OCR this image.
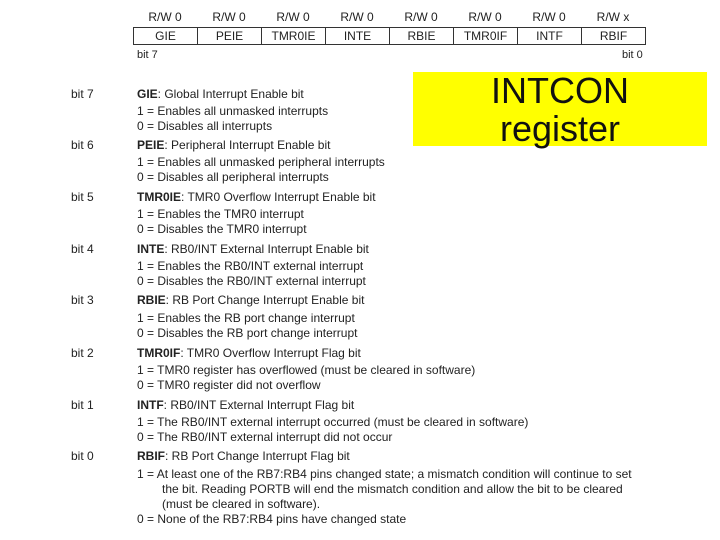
R/W 0	R/W 0	R/W 0	R/W 0	R/W 0	R/W 0	R/W 0	R/W x
GIE	PEIE	TMR0IE	INTE	RBIE	TMR0IF	INTF	RBIF
bit 7	bit 0
INTCON
register
bit 7	GIE: Global Interrupt Enable bit
1 = Enables all unmasked interrupts
0 = Disables all interrupts
bit 6	PEIE: Peripheral Interrupt Enable bit
1 = Enables all unmasked peripheral interrupts
0 = Disables all peripheral interrupts
bit 5	TMR0IE: TMR0 Overflow Interrupt Enable bit
1 = Enables the TMR0 interrupt
0 = Disables the TMR0 interrupt
bit 4	INTE: RB0/INT External Interrupt Enable bit
1 = Enables the RB0/INT external interrupt
0 = Disables the RB0/INT external interrupt
bit 3	RBIE: RB Port Change Interrupt Enable bit
1 = Enables the RB port change interrupt
0 = Disables the RB port change interrupt
bit 2	TMR0IF: TMR0 Overflow Interrupt Flag bit
1 = TMR0 register has overflowed (must be cleared in software)
0 = TMR0 register did not overflow
bit 1	INTF: RB0/INT External Interrupt Flag bit
1 = The RB0/INT external interrupt occurred (must be cleared in software)
0 = The RB0/INT external interrupt did not occur
bit 0	RBIF: RB Port Change Interrupt Flag bit
1 = At least one of the RB7:RB4 pins changed state; a mismatch condition will continue to set
the bit. Reading PORTB will end the mismatch condition and allow the bit to be cleared
(must be cleared in software).
0 = None of the RB7:RB4 pins have changed state
